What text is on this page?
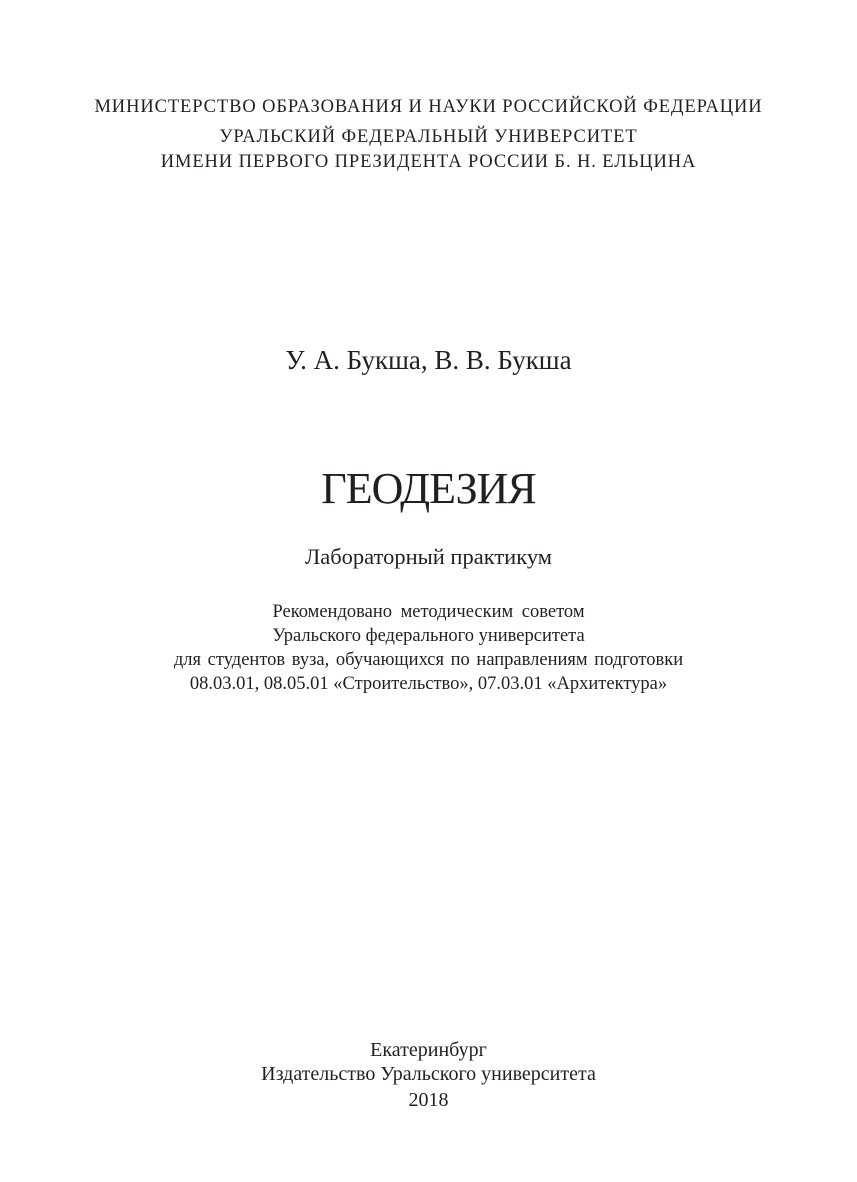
МИНИСТЕРСТВО ОБРАЗОВАНИЯ И НАУКИ РОССИЙСКОЙ ФЕДЕРАЦИИ
УРАЛЬСКИЙ ФЕДЕРАЛЬНЫЙ УНИВЕРСИТЕТ
ИМЕНИ ПЕРВОГО ПРЕЗИДЕНТА РОССИИ Б. Н. ЕЛЬЦИНА
У. А. Букша, В. В. Букша
ГЕОДЕЗИЯ
Лабораторный практикум
Рекомендовано методическим советом
Уральского федерального университета
для студентов вуза, обучающихся по направлениям подготовки
08.03.01, 08.05.01 «Строительство», 07.03.01 «Архитектура»
Екатеринбург
Издательство Уральского университета
2018
